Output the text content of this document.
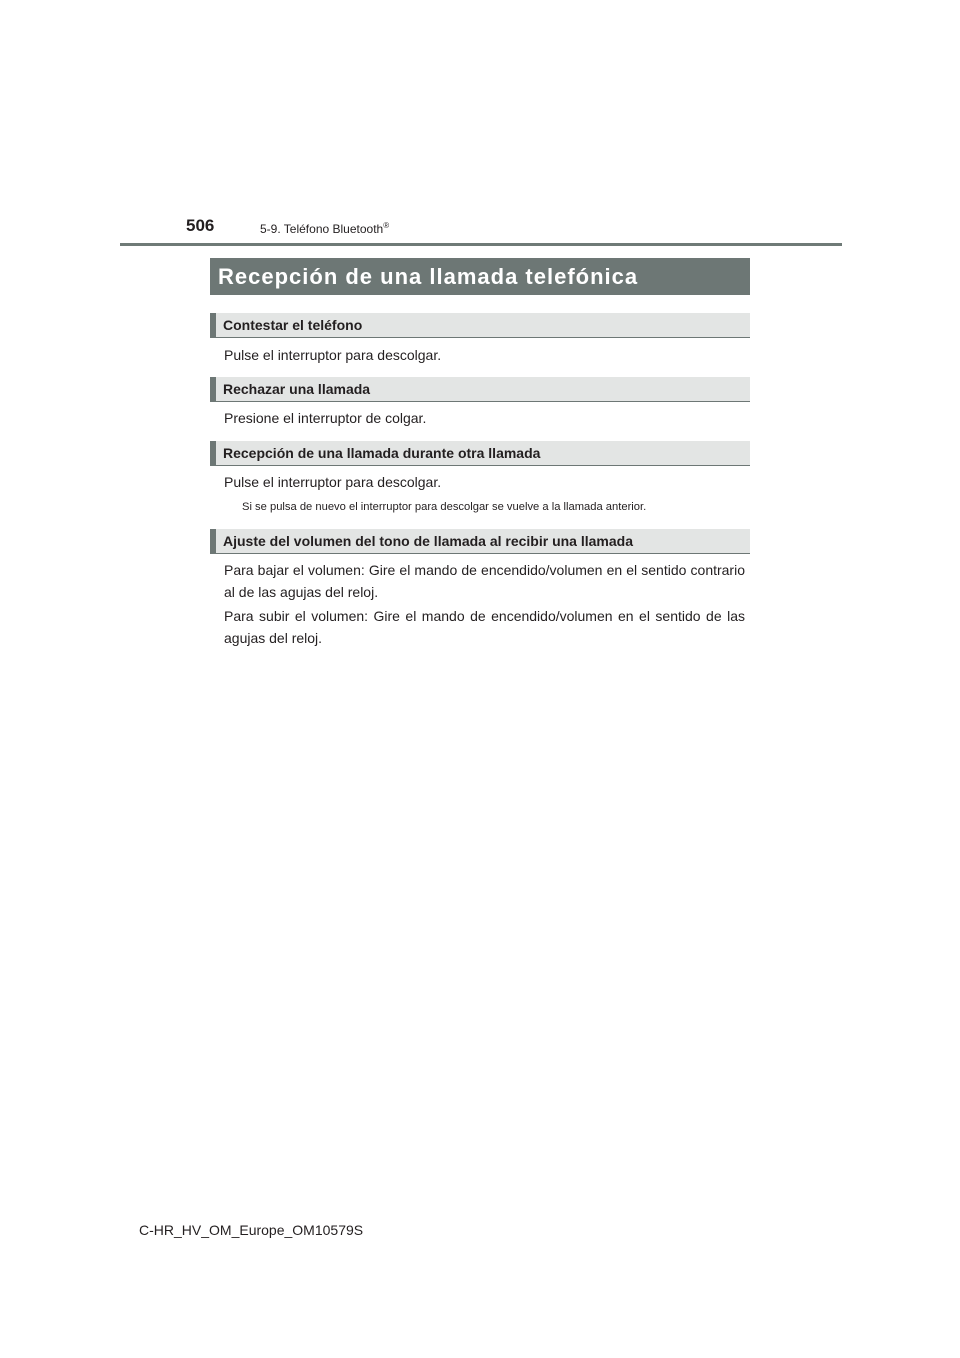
506	5-9. Teléfono Bluetooth®
Recepción de una llamada telefónica
Contestar el teléfono

Pulse el interruptor para descolgar.

Rechazar una llamada

Presione el interruptor de colgar.

Recepción de una llamada durante otra llamada

Pulse el interruptor para descolgar.

Si se pulsa de nuevo el interruptor para descolgar se vuelve a la llamada anterior.

Ajuste del volumen del tono de llamada al recibir una llamada

Para bajar el volumen: Gire el mando de encendido/volumen en el sentido contrario al de las agujas del reloj.

Para subir el volumen: Gire el mando de encendido/volumen en el sentido de las agujas del reloj.

C-HR_HV_OM_Europe_OM10579S
